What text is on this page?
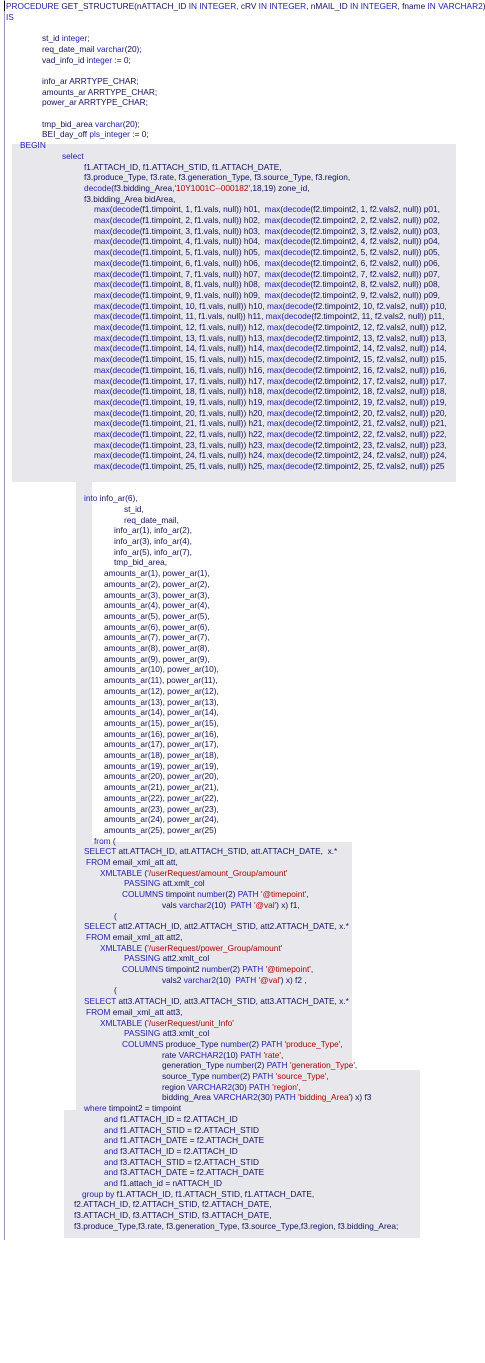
PROCEDURE GET_STRUCTURE(nATTACH_ID IN INTEGER, cRV IN INTEGER, nMAIL_ID IN INTEGER, fname IN VARCHAR2
IS
st_id integer;
req_date_mail varchar(20);
vad_info_id integer := 0;
info_ar ARRTYPE_CHAR;
amounts_ar ARRTYPE_CHAR;
power_ar ARRTYPE_CHAR;
tmp_bid_area varchar(20);
BEI_day_off pls_integer := 0;
BEGIN
select
f1.ATTACH_ID, f1.ATTACH_STID, f1.ATTACH_DATE,
f3.produce_Type, f3.rate, f3.generation_Type, f3.source_Type, f3.region,
decode(f3.bidding_Area,'10Y1001C--000182',18,19) zone_id,
f3.bidding_Area bidArea,
max(decode(f1.timpoint, 1, f1.vals, null)) h01,  max(decode(f2.timpoint2, 1, f2.vals2, null)) p01,
max(decode(f1.timpoint, 2, f1.vals, null)) h02,  max(decode(f2.timpoint2, 2, f2.vals2, null)) p02,
max(decode(f1.timpoint, 3, f1.vals, null)) h03,  max(decode(f2.timpoint2, 3, f2.vals2, null)) p03,
max(decode(f1.timpoint, 4, f1.vals, null)) h04,  max(decode(f2.timpoint2, 4, f2.vals2, null)) p04,
max(decode(f1.timpoint, 5, f1.vals, null)) h05,  max(decode(f2.timpoint2, 5, f2.vals2, null)) p05,
max(decode(f1.timpoint, 6, f1.vals, null)) h06,  max(decode(f2.timpoint2, 6, f2.vals2, null)) p06,
max(decode(f1.timpoint, 7, f1.vals, null)) h07,  max(decode(f2.timpoint2, 7, f2.vals2, null)) p07,
max(decode(f1.timpoint, 8, f1.vals, null)) h08,  max(decode(f2.timpoint2, 8, f2.vals2, null)) p08,
max(decode(f1.timpoint, 9, f1.vals, null)) h09,  max(decode(f2.timpoint2, 9, f2.vals2, null)) p09,
max(decode(f1.timpoint, 10, f1.vals, null)) h10, max(decode(f2.timpoint2, 10, f2.vals2, null)) p10,
max(decode(f1.timpoint, 11, f1.vals, null)) h11, max(decode(f2.timpoint2, 11, f2.vals2, null)) p11,
max(decode(f1.timpoint, 12, f1.vals, null)) h12, max(decode(f2.timpoint2, 12, f2.vals2, null)) p12,
max(decode(f1.timpoint, 13, f1.vals, null)) h13, max(decode(f2.timpoint2, 13, f2.vals2, null)) p13,
max(decode(f1.timpoint, 14, f1.vals, null)) h14, max(decode(f2.timpoint2, 14, f2.vals2, null)) p14,
max(decode(f1.timpoint, 15, f1.vals, null)) h15, max(decode(f2.timpoint2, 15, f2.vals2, null)) p15,
max(decode(f1.timpoint, 16, f1.vals, null)) h16, max(decode(f2.timpoint2, 16, f2.vals2, null)) p16,
max(decode(f1.timpoint, 17, f1.vals, null)) h17, max(decode(f2.timpoint2, 17, f2.vals2, null)) p17,
max(decode(f1.timpoint, 18, f1.vals, null)) h18, max(decode(f2.timpoint2, 18, f2.vals2, null)) p18,
max(decode(f1.timpoint, 19, f1.vals, null)) h19, max(decode(f2.timpoint2, 19, f2.vals2, null)) p19,
max(decode(f1.timpoint, 20, f1.vals, null)) h20, max(decode(f2.timpoint2, 20, f2.vals2, null)) p20,
max(decode(f1.timpoint, 21, f1.vals, null)) h21, max(decode(f2.timpoint2, 21, f2.vals2, null)) p21,
max(decode(f1.timpoint, 22, f1.vals, null)) h22, max(decode(f2.timpoint2, 22, f2.vals2, null)) p22,
max(decode(f1.timpoint, 23, f1.vals, null)) h23, max(decode(f2.timpoint2, 23, f2.vals2, null)) p23,
max(decode(f1.timpoint, 24, f1.vals, null)) h24, max(decode(f2.timpoint2, 24, f2.vals2, null)) p24,
max(decode(f1.timpoint, 25, f1.vals, null)) h25, max(decode(f2.timpoint2, 25, f2.vals2, null)) p25
into info_ar(6),
st_id,
req_date_mail,
info_ar(1), info_ar(2),
info_ar(3), info_ar(4),
info_ar(5), info_ar(7),
tmp_bid_area,
amounts_ar(1), power_ar(1),
amounts_ar(2), power_ar(2),
amounts_ar(3), power_ar(3),
amounts_ar(4), power_ar(4),
amounts_ar(5), power_ar(5),
amounts_ar(6), power_ar(6),
amounts_ar(7), power_ar(7),
amounts_ar(8), power_ar(8),
amounts_ar(9), power_ar(9),
amounts_ar(10), power_ar(10),
amounts_ar(11), power_ar(11),
amounts_ar(12), power_ar(12),
amounts_ar(13), power_ar(13),
amounts_ar(14), power_ar(14),
amounts_ar(15), power_ar(15),
amounts_ar(16), power_ar(16),
amounts_ar(17), power_ar(17),
amounts_ar(18), power_ar(18),
amounts_ar(19), power_ar(19),
amounts_ar(20), power_ar(20),
amounts_ar(21), power_ar(21),
amounts_ar(22), power_ar(22),
amounts_ar(23), power_ar(23),
amounts_ar(24), power_ar(24),
amounts_ar(25), power_ar(25)
from (
SELECT att.ATTACH_ID, att.ATTACH_STID, att.ATTACH_DATE,  x.*
FROM email_xml_att att,
XMLTABLE ('/userRequest/amount_Group/amount'
PASSING att.xmlt_col
COLUMNS timpoint number(2) PATH '@timepoint',
vals varchar2(10)  PATH '@val') x) f1,
(
SELECT att2.ATTACH_ID, att2.ATTACH_STID, att2.ATTACH_DATE, x.*
FROM email_xml_att att2,
XMLTABLE ('/userRequest/power_Group/amount'
PASSING att2.xmlt_col
COLUMNS timpoint2 number(2) PATH '@timepoint',
vals2 varchar2(10)  PATH '@val') x) f2 ,
(
SELECT att3.ATTACH_ID, att3.ATTACH_STID, att3.ATTACH_DATE, x.*
FROM email_xml_att att3,
XMLTABLE ('/userRequest/unit_Info'
PASSING att3.xmlt_col
COLUMNS produce_Type number(2) PATH 'produce_Type',
rate VARCHAR2(10) PATH 'rate',
generation_Type number(2) PATH 'generation_Type',
source_Type number(2) PATH 'source_Type',
region VARCHAR2(30) PATH 'region',
bidding_Area VARCHAR2(30) PATH 'bidding_Area') x) f3
where timpoint2 = timpoint
and f1.ATTACH_ID = f2.ATTACH_ID
and f1.ATTACH_STID = f2.ATTACH_STID
and f1.ATTACH_DATE = f2.ATTACH_DATE
and f3.ATTACH_ID = f2.ATTACH_ID
and f3.ATTACH_STID = f2.ATTACH_STID
and f3.ATTACH_DATE = f2.ATTACH_DATE
and f1.attach_id = nATTACH_ID
group by f1.ATTACH_ID, f1.ATTACH_STID, f1.ATTACH_DATE,
f2.ATTACH_ID, f2.ATTACH_STID, f2.ATTACH_DATE,
f3.ATTACH_ID, f3.ATTACH_STID, f3.ATTACH_DATE,
f3.produce_Type,f3.rate, f3.generation_Type, f3.source_Type,f3.region, f3.bidding_Area;
